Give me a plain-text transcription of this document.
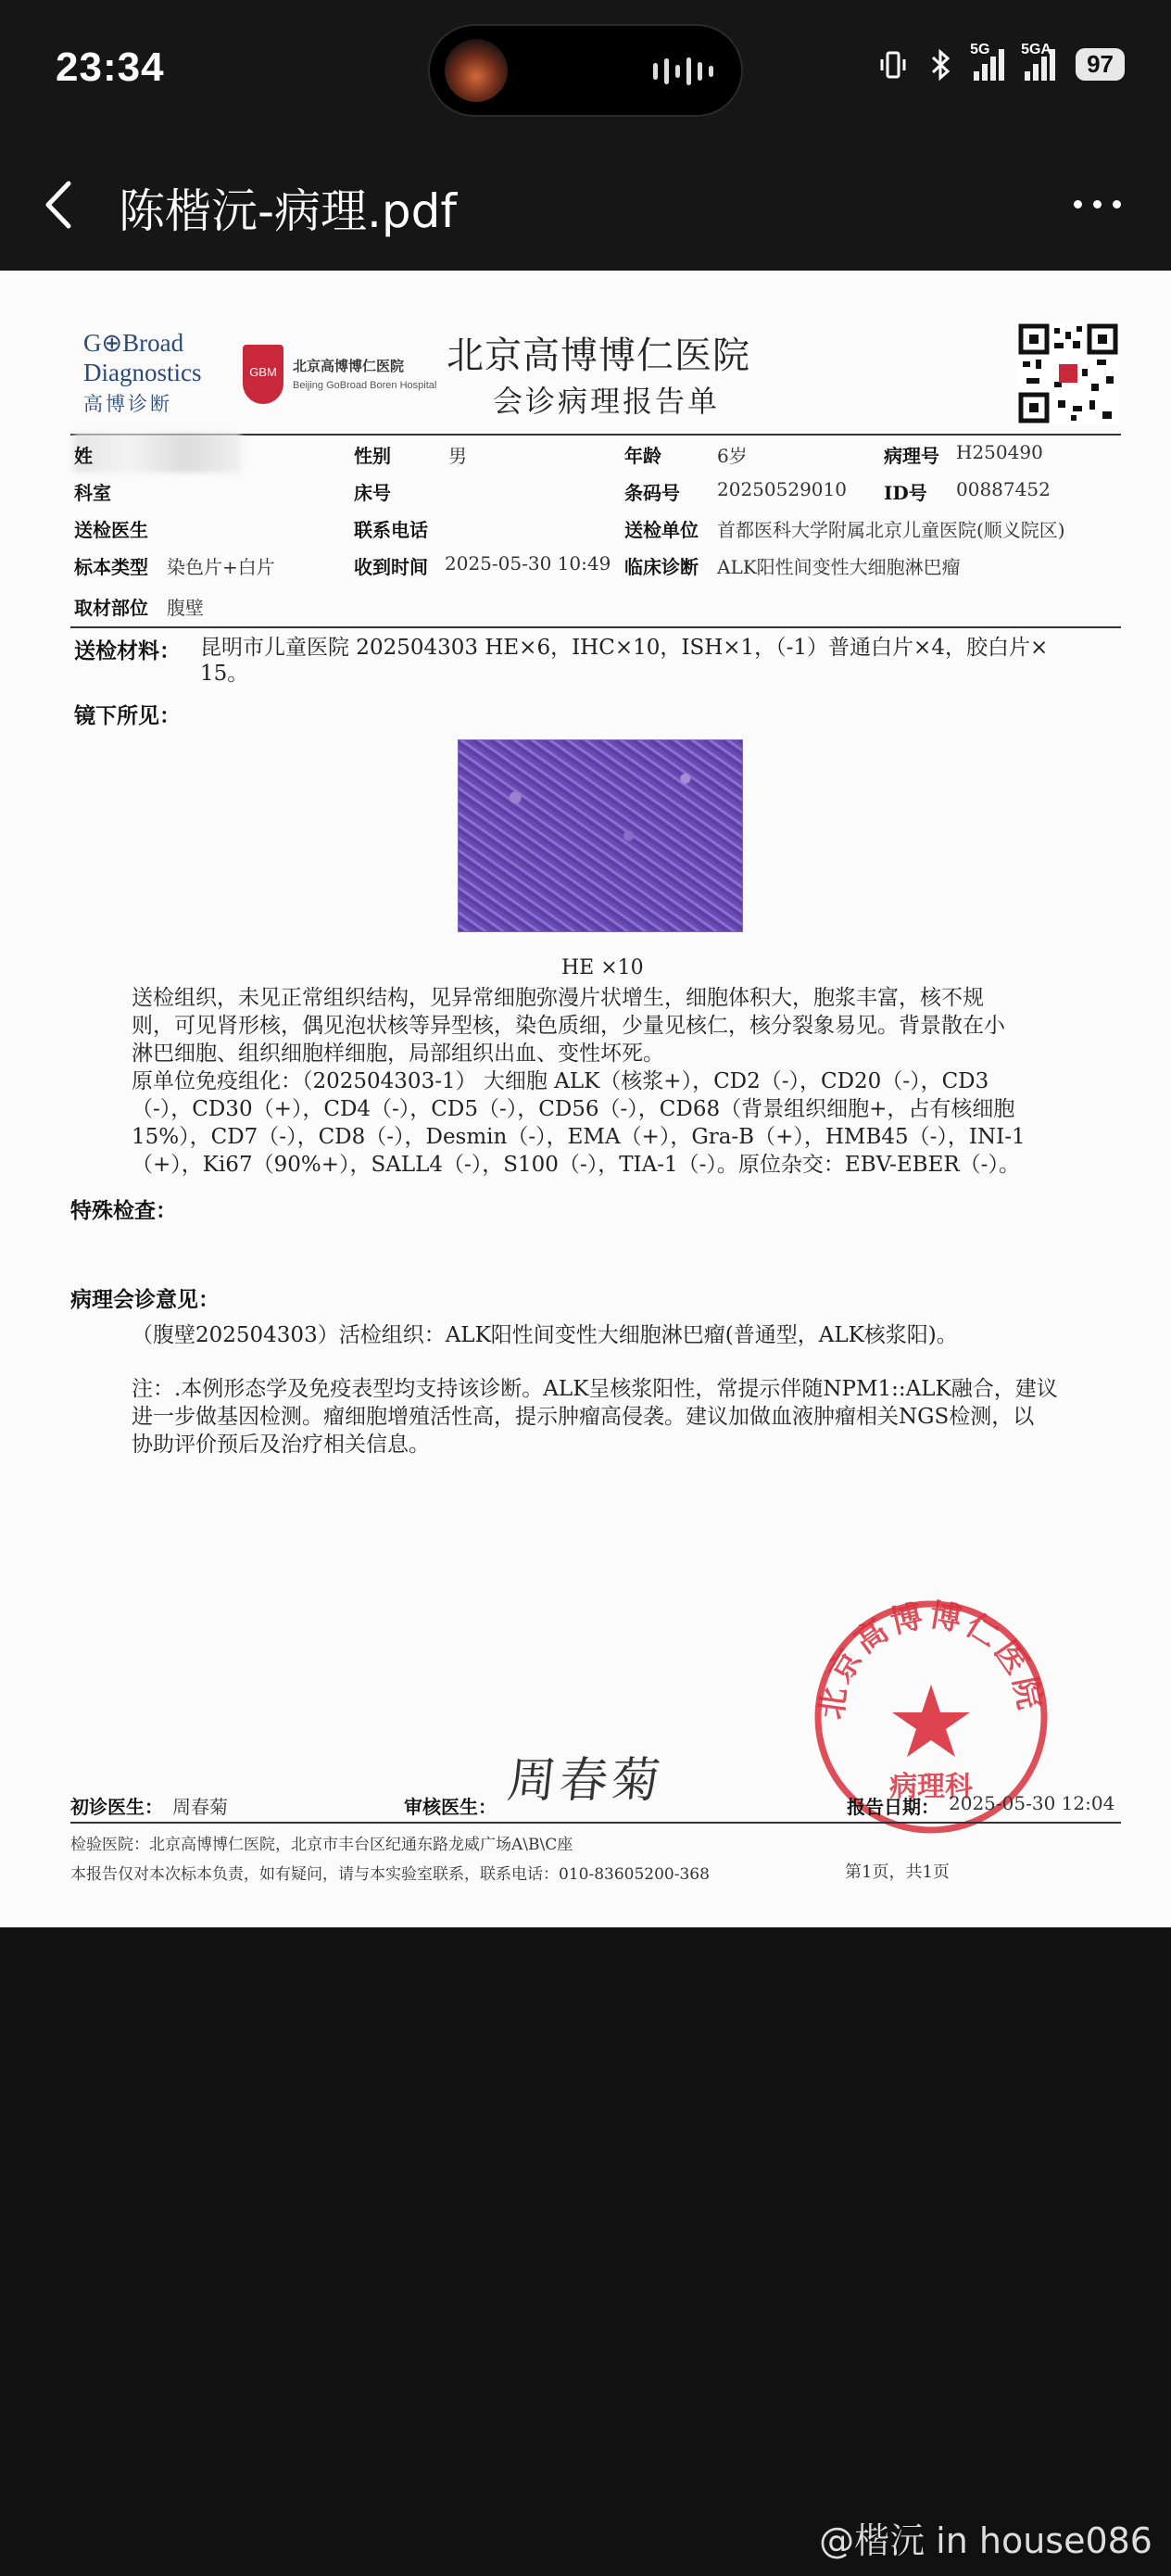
23:34	5G 5GA
97
陈楷沅-病理.pdf
G⊕Broad
Diagnostics
高博诊断
GBM	北京高博博仁医院
Beijing GoBroad Boren Hospital
北京高博博仁医院
会诊病理报告单
姓	性别	男	年龄	6岁	病理号 H250490
科室	床号	条码号 20250529010 ID号 00887452
送检医生	联系电话	送检单位 首都医科大学附属北京儿童医院(顺义院区)
标本类型 染色片+白片	收到时间 2025-05-30 10:49 临床诊断 ALK阳性间变性大细胞淋巴瘤
取材部位 腹壁
送检材料： 昆明市儿童医院 202504303 HE×6，IHC×10，ISH×1，（-1）普通白片×4，胶白片×
15。
镜下所见：
HE ×10
送检组织，未见正常组织结构，见异常细胞弥漫片状增生，细胞体积大，胞浆丰富，核不规
则，可见肾形核，偶见泡状核等异型核，染色质细，少量见核仁，核分裂象易见。背景散在小
淋巴细胞、组织细胞样细胞，局部组织出血、变性坏死。
原单位免疫组化：（202504303-1） 大细胞 ALK（核浆+），CD2（-），CD20（-），CD3
（-），CD30（+），CD4（-），CD5（-），CD56（-），CD68（背景组织细胞+，占有核细胞
15%），CD7（-），CD8（-），Desmin（-），EMA（+），Gra-B（+），HMB45（-），INI-1
（+），Ki67（90%+），SALL4（-），S100（-），TIA-1（-）。原位杂交：EBV-EBER（-）。
特殊检查：
病理会诊意见：
（腹壁202504303）活检组织：ALK阳性间变性大细胞淋巴瘤(普通型，ALK核浆阳)。
注：.本例形态学及免疫表型均支持该诊断。ALK呈核浆阳性，常提示伴随NPM1::ALK融合，建议
进一步做基因检测。瘤细胞增殖活性高，提示肿瘤高侵袭。建议加做血液肿瘤相关NGS检测，以
协助评价预后及治疗相关信息。
北京高博博仁医院
病理科
初诊医生： 周春菊	审核医生： 周春菊	报告日期： 2025-05-30 12:04
检验医院：北京高博博仁医院，北京市丰台区纪通东路龙威广场A\B\C座
本报告仅对本次标本负责，如有疑问，请与本实验室联系，联系电话：010-83605200-368	第1页，共1页
@楷沅 in house086
